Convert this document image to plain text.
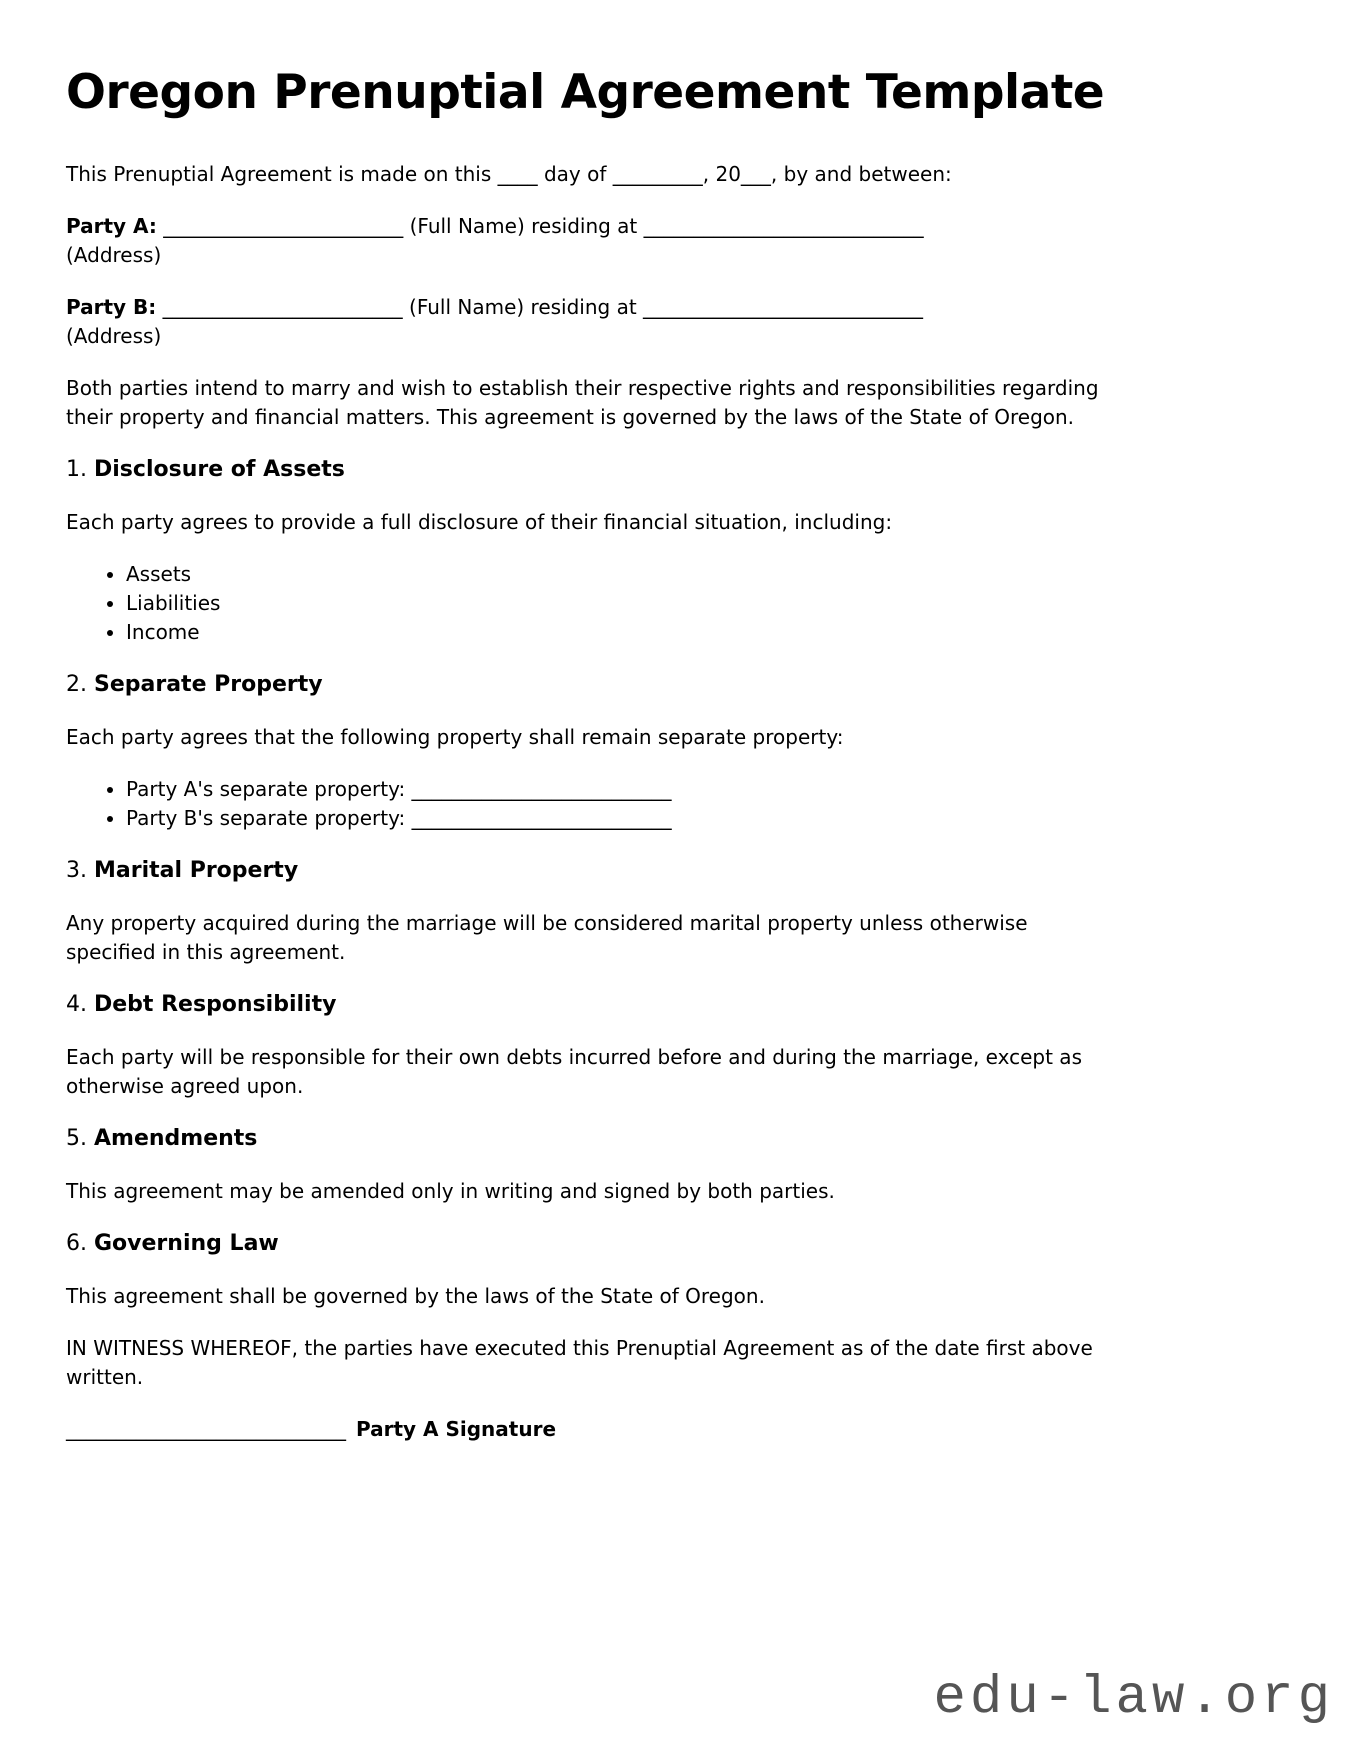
Oregon Prenuptial Agreement Template

This Prenuptial Agreement is made on this ____ day of _________, 20___, by and between:

Party A: ________________________ (Full Name) residing at ____________________________
(Address)

Party B: ________________________ (Full Name) residing at ____________________________
(Address)

Both parties intend to marry and wish to establish their respective rights and responsibilities regarding their property and financial matters. This agreement is governed by the laws of the State of Oregon.

1. Disclosure of Assets

Each party agrees to provide a full disclosure of their financial situation, including:

• Assets
• Liabilities
• Income

2. Separate Property

Each party agrees that the following property shall remain separate property:

• Party A's separate property: __________________________
• Party B's separate property: __________________________

3. Marital Property

Any property acquired during the marriage will be considered marital property unless otherwise specified in this agreement.

4. Debt Responsibility

Each party will be responsible for their own debts incurred before and during the marriage, except as otherwise agreed upon.

5. Amendments

This agreement may be amended only in writing and signed by both parties.

6. Governing Law

This agreement shall be governed by the laws of the State of Oregon.

IN WITNESS WHEREOF, the parties have executed this Prenuptial Agreement as of the date first above written.

____________________________ Party A Signature

edu-law.org
